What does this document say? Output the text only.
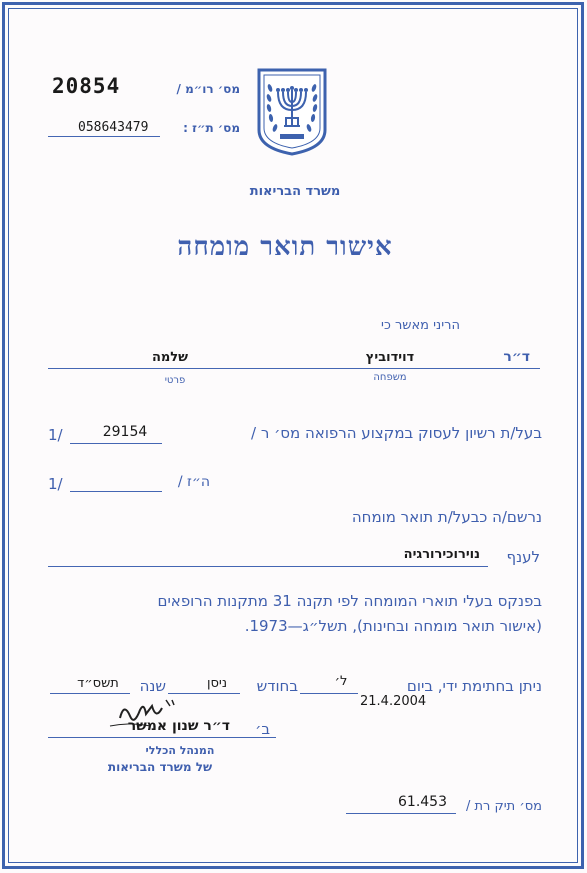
מס׳ רו״מ /
20854
מס׳ ת״ז :
058643479
משרד הבריאות
אישור תואר מומחה
הריני מאשר כי
ד״ר
דוידוביץ
שלמה
משפחה
פרטי
בעל/ת רשיון לעסוק במקצוע הרפואה מס׳ ר /
29154
1/
ה״ז /
1/
נרשם/ה כבעל/ת תואר מומחה
לענף
נוירוכירורגיה
בפנקס בעלי תוארי המומחה לפי תקנה 31 מתקנות הרופאים
(אישור תואר מומחה ובחינות), תשל״ג—1973.
ניתן בחתימת ידי, ביום
ל׳
בחודש
ניסן
שנה
תשס״ד
21.4.2004
ב׳
ד״ר שנון אמשר
המנהל הכללי
של משרד הבריאות
מס׳ תיק רת /
61.453
